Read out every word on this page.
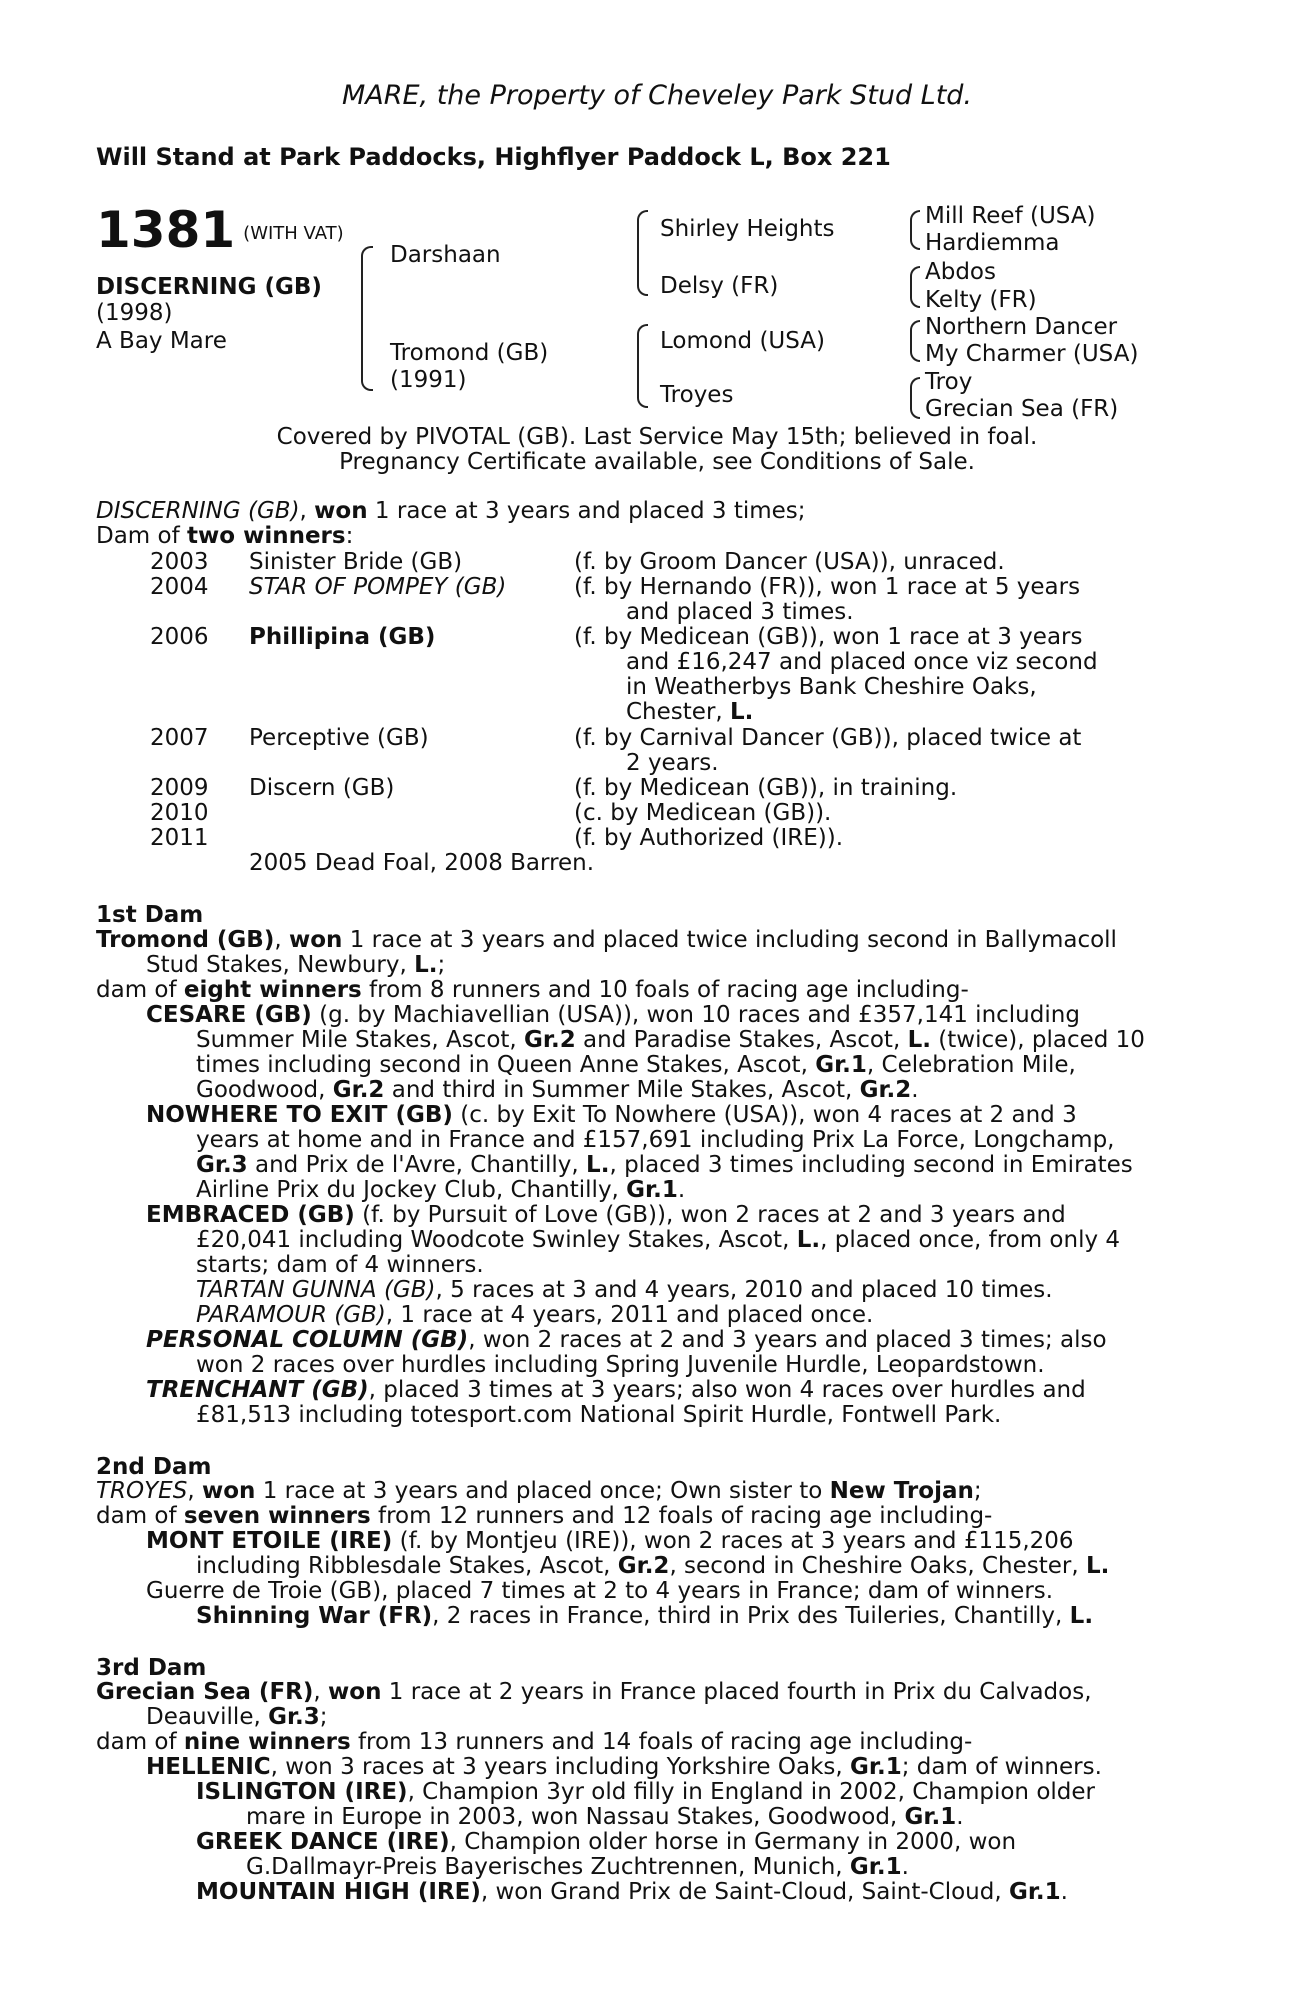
MARE, the Property of Cheveley Park Stud Ltd.
Will Stand at Park Paddocks, Highflyer Paddock L, Box 221
1381 (WITH VAT)
DISCERNING (GB)
(1998)
A Bay Mare
Darshaan
Tromond (GB)
(1991)
Shirley Heights
Delsy (FR)
Lomond (USA)
Troyes
Mill Reef (USA)
Hardiemma
Abdos
Kelty (FR)
Northern Dancer
My Charmer (USA)
Troy
Grecian Sea (FR)
Covered by PIVOTAL (GB). Last Service May 15th; believed in foal.
Pregnancy Certificate available, see Conditions of Sale.
DISCERNING (GB), won 1 race at 3 years and placed 3 times;
Dam of two winners:
2003 Sinister Bride (GB)	(f. by Groom Dancer (USA)), unraced.
2004 STAR OF POMPEY (GB)	(f. by Hernando (FR)), won 1 race at 5 years
and placed 3 times.
2006 Phillipina (GB)	(f. by Medicean (GB)), won 1 race at 3 years
and £16,247 and placed once viz second
in Weatherbys Bank Cheshire Oaks,
Chester, L.
2007 Perceptive (GB)	(f. by Carnival Dancer (GB)), placed twice at
2 years.
2009 Discern (GB)	(f. by Medicean (GB)), in training.
2010	(c. by Medicean (GB)).
2011	(f. by Authorized (IRE)).
2005 Dead Foal, 2008 Barren.
1st Dam
Tromond (GB), won 1 race at 3 years and placed twice including second in Ballymacoll
Stud Stakes, Newbury, L.;
dam of eight winners from 8 runners and 10 foals of racing age including-
CESARE (GB) (g. by Machiavellian (USA)), won 10 races and £357,141 including
Summer Mile Stakes, Ascot, Gr.2 and Paradise Stakes, Ascot, L. (twice), placed 10
times including second in Queen Anne Stakes, Ascot, Gr.1, Celebration Mile,
Goodwood, Gr.2 and third in Summer Mile Stakes, Ascot, Gr.2.
NOWHERE TO EXIT (GB) (c. by Exit To Nowhere (USA)), won 4 races at 2 and 3
years at home and in France and £157,691 including Prix La Force, Longchamp,
Gr.3 and Prix de l'Avre, Chantilly, L., placed 3 times including second in Emirates
Airline Prix du Jockey Club, Chantilly, Gr.1.
EMBRACED (GB) (f. by Pursuit of Love (GB)), won 2 races at 2 and 3 years and
£20,041 including Woodcote Swinley Stakes, Ascot, L., placed once, from only 4
starts; dam of 4 winners.
TARTAN GUNNA (GB), 5 races at 3 and 4 years, 2010 and placed 10 times.
PARAMOUR (GB), 1 race at 4 years, 2011 and placed once.
PERSONAL COLUMN (GB), won 2 races at 2 and 3 years and placed 3 times; also
won 2 races over hurdles including Spring Juvenile Hurdle, Leopardstown.
TRENCHANT (GB), placed 3 times at 3 years; also won 4 races over hurdles and
£81,513 including totesport.com National Spirit Hurdle, Fontwell Park.
2nd Dam
TROYES, won 1 race at 3 years and placed once; Own sister to New Trojan;
dam of seven winners from 12 runners and 12 foals of racing age including-
MONT ETOILE (IRE) (f. by Montjeu (IRE)), won 2 races at 3 years and £115,206
including Ribblesdale Stakes, Ascot, Gr.2, second in Cheshire Oaks, Chester, L.
Guerre de Troie (GB), placed 7 times at 2 to 4 years in France; dam of winners.
Shinning War (FR), 2 races in France, third in Prix des Tuileries, Chantilly, L.
3rd Dam
Grecian Sea (FR), won 1 race at 2 years in France placed fourth in Prix du Calvados,
Deauville, Gr.3;
dam of nine winners from 13 runners and 14 foals of racing age including-
HELLENIC, won 3 races at 3 years including Yorkshire Oaks, Gr.1; dam of winners.
ISLINGTON (IRE), Champion 3yr old filly in England in 2002, Champion older
mare in Europe in 2003, won Nassau Stakes, Goodwood, Gr.1.
GREEK DANCE (IRE), Champion older horse in Germany in 2000, won
G.Dallmayr-Preis Bayerisches Zuchtrennen, Munich, Gr.1.
MOUNTAIN HIGH (IRE), won Grand Prix de Saint-Cloud, Saint-Cloud, Gr.1.
